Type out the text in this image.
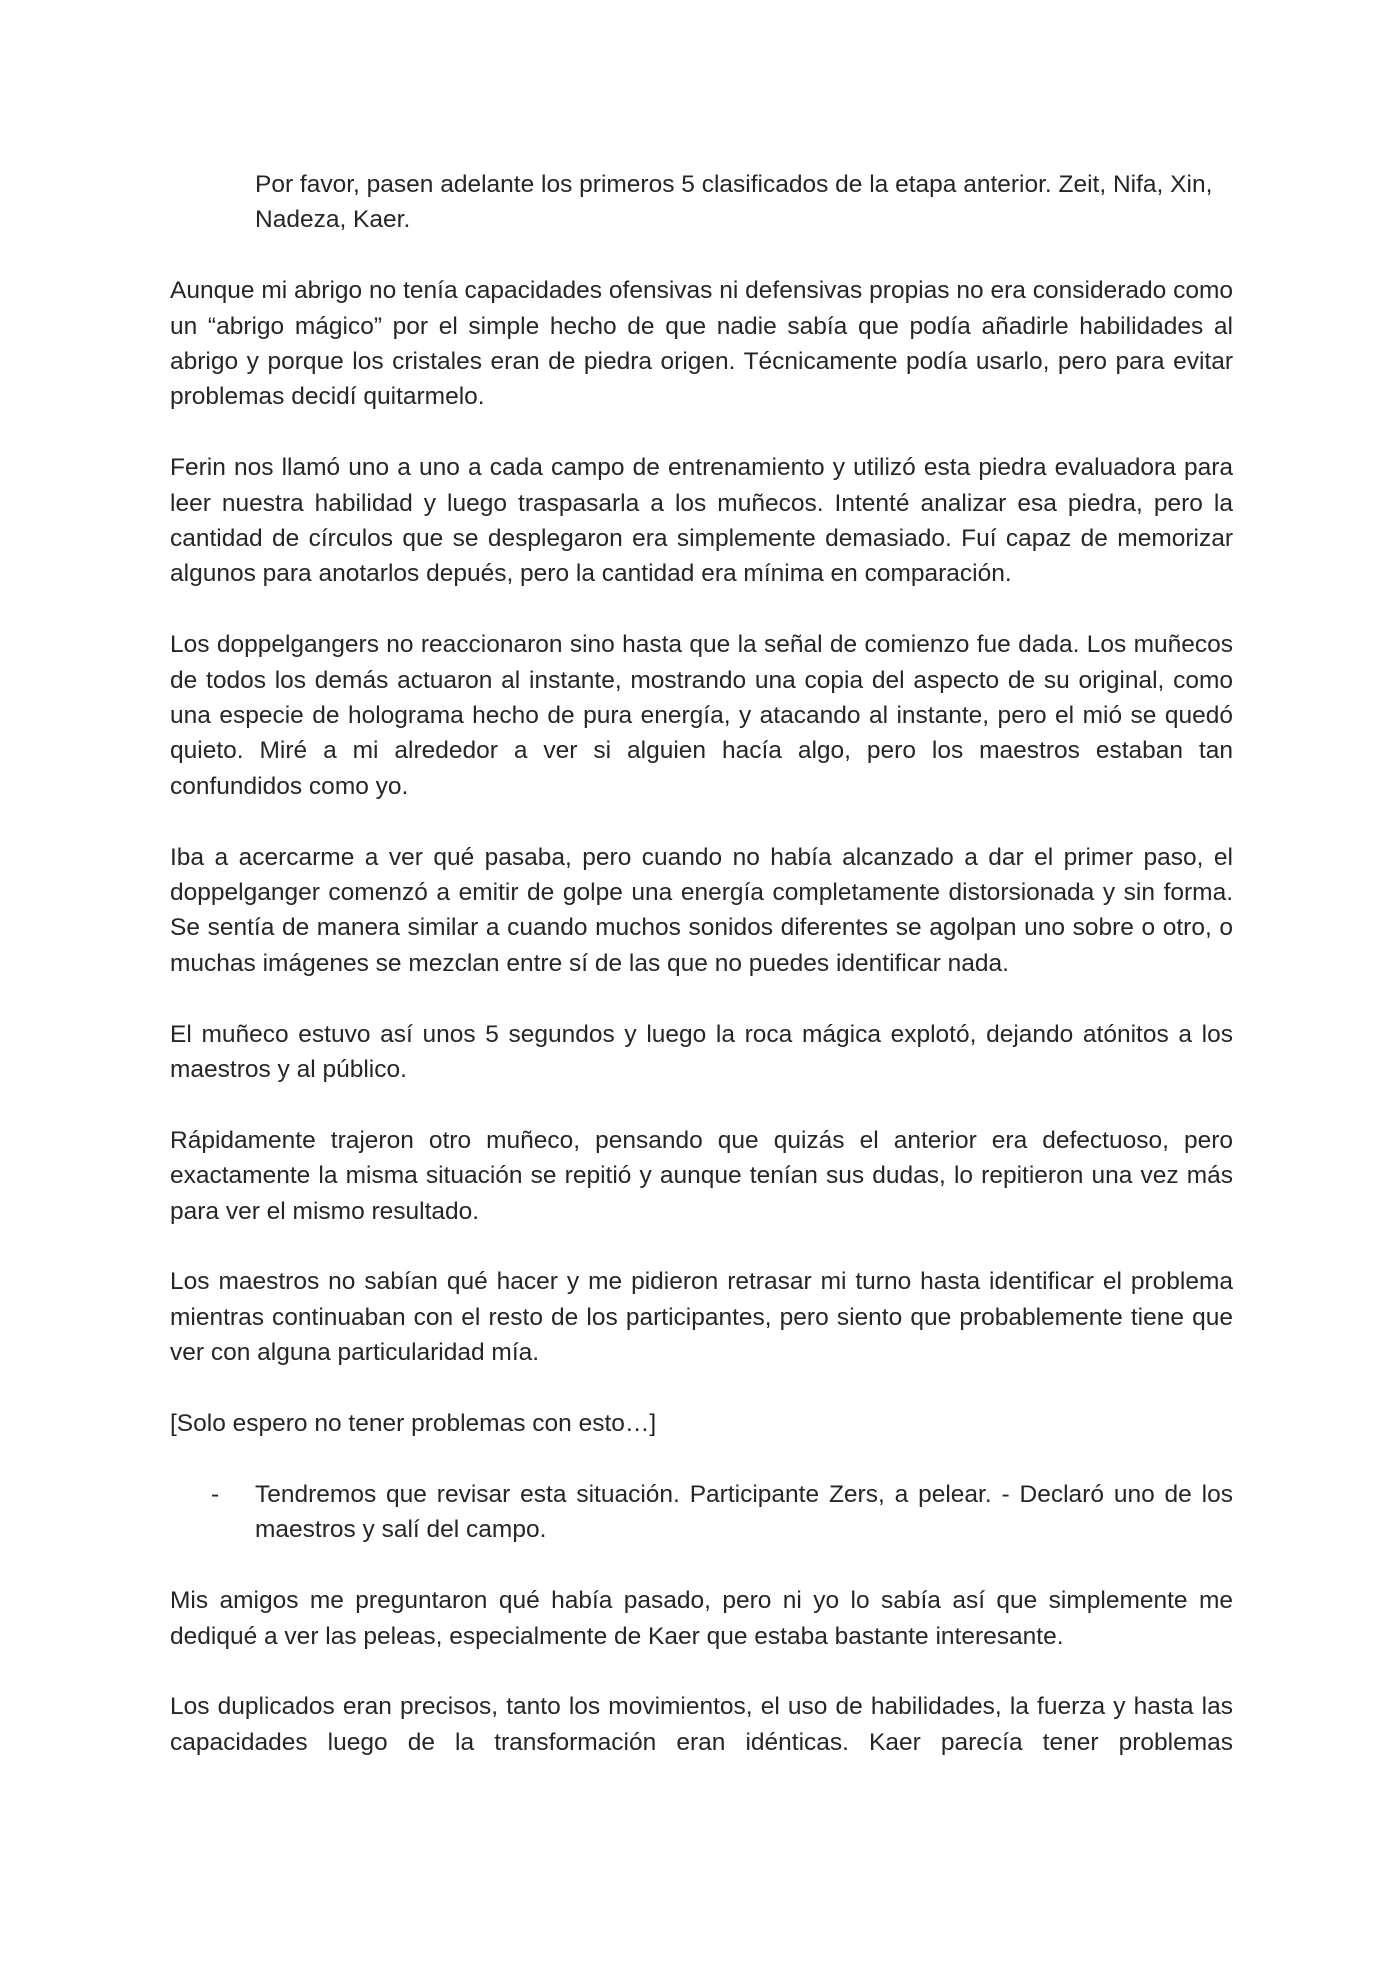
Por favor, pasen adelante los primeros 5 clasificados de la etapa anterior. Zeit, Nifa, Xin, Nadeza, Kaer.

Aunque mi abrigo no tenía capacidades ofensivas ni defensivas propias no era considerado como un “abrigo mágico” por el simple hecho de que nadie sabía que podía añadirle habilidades al abrigo y porque los cristales eran de piedra origen. Técnicamente podía usarlo, pero para evitar problemas decidí quitarmelo.

Ferin nos llamó uno a uno a cada campo de entrenamiento y utilizó esta piedra evaluadora para leer nuestra habilidad y luego traspasarla a los muñecos. Intenté analizar esa piedra, pero la cantidad de círculos que se desplegaron era simplemente demasiado. Fuí capaz de memorizar algunos para anotarlos depués, pero la cantidad era mínima en comparación.

Los doppelgangers no reaccionaron sino hasta que la señal de comienzo fue dada. Los muñecos de todos los demás actuaron al instante, mostrando una copia del aspecto de su original, como una especie de holograma hecho de pura energía, y atacando al instante, pero el mió se quedó quieto. Miré a mi alrededor a ver si alguien hacía algo, pero los maestros estaban tan confundidos como yo.

Iba a acercarme a ver qué pasaba, pero cuando no había alcanzado a dar el primer paso, el doppelganger comenzó a emitir de golpe una energía completamente distorsionada y sin forma. Se sentía de manera similar a cuando muchos sonidos diferentes se agolpan uno sobre o otro, o muchas imágenes se mezclan entre sí de las que no puedes identificar nada.

El muñeco estuvo así unos 5 segundos y luego la roca mágica explotó, dejando atónitos a los maestros y al público.

Rápidamente trajeron otro muñeco, pensando que quizás el anterior era defectuoso, pero exactamente la misma situación se repitió y aunque tenían sus dudas, lo repitieron una vez más para ver el mismo resultado.

Los maestros no sabían qué hacer y me pidieron retrasar mi turno hasta identificar el problema mientras continuaban con el resto de los participantes, pero siento que probablemente tiene que ver con alguna particularidad mía.

[Solo espero no tener problemas con esto…]

- Tendremos que revisar esta situación. Participante Zers, a pelear. - Declaró uno de los maestros y salí del campo.

Mis amigos me preguntaron qué había pasado, pero ni yo lo sabía así que simplemente me dediqué a ver las peleas, especialmente de Kaer que estaba bastante interesante.

Los duplicados eran precisos, tanto los movimientos, el uso de habilidades, la fuerza y hasta las capacidades luego de la transformación eran idénticas. Kaer parecía tener problemas
